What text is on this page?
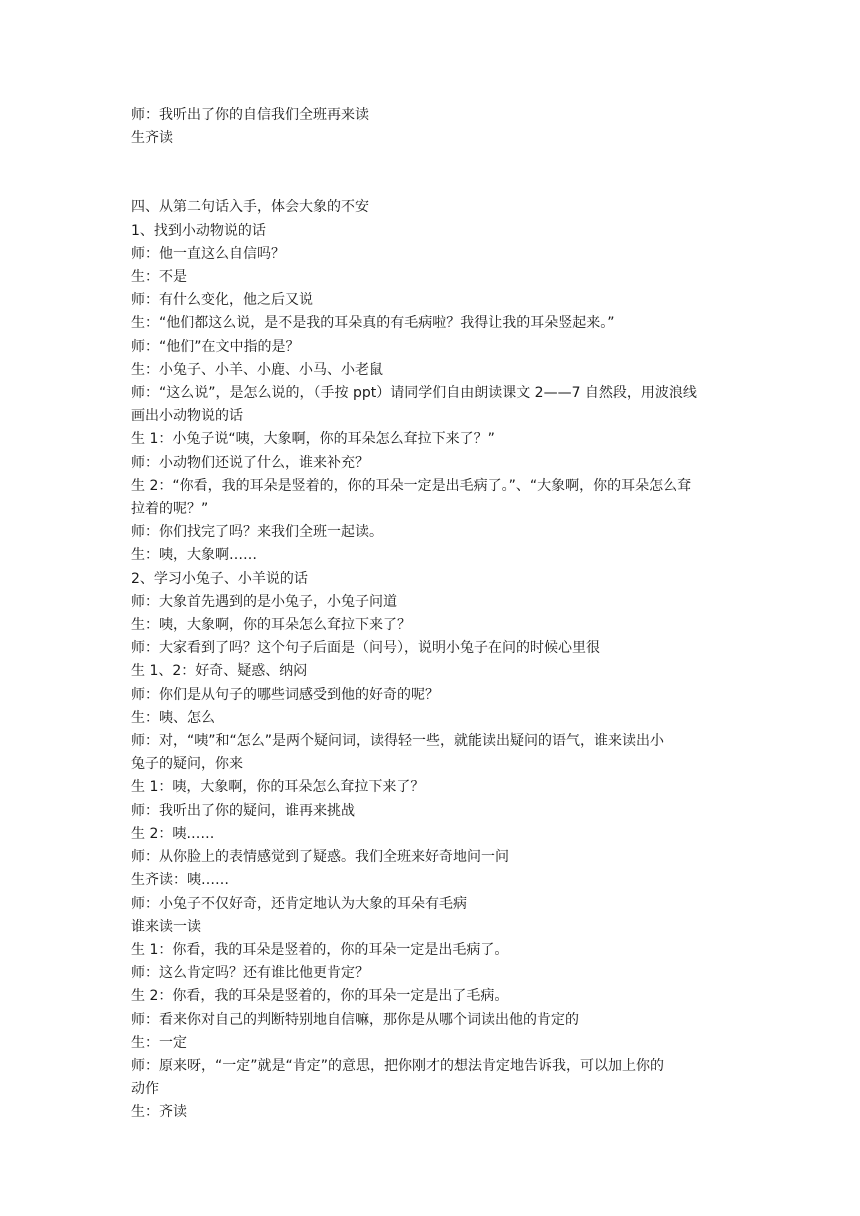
师：我听出了你的自信我们全班再来读

生齐读

四、从第二句话入手，体会大象的不安

1、找到小动物说的话

师：他一直这么自信吗？

生：不是

师：有什么变化，他之后又说

生：“他们都这么说，是不是我的耳朵真的有毛病啦？我得让我的耳朵竖起来。”

师：“他们”在文中指的是？

生：小兔子、小羊、小鹿、小马、小老鼠

师：“这么说”，是怎么说的，（手按 ppt）请同学们自由朗读课文 2——7 自然段，用波浪线

画出小动物说的话

生 1：小兔子说“咦，大象啊，你的耳朵怎么耷拉下来了？”

师：小动物们还说了什么，谁来补充？

生 2：“你看，我的耳朵是竖着的，你的耳朵一定是出毛病了。”、“大象啊，你的耳朵怎么耷

拉着的呢？”

师：你们找完了吗？来我们全班一起读。

生：咦，大象啊……

2、学习小兔子、小羊说的话

师：大象首先遇到的是小兔子，小兔子问道

生：咦，大象啊，你的耳朵怎么耷拉下来了？

师：大家看到了吗？这个句子后面是（问号），说明小兔子在问的时候心里很

生 1、2：好奇、疑惑、纳闷

师：你们是从句子的哪些词感受到他的好奇的呢？

生：咦、怎么

师：对，“咦”和“怎么”是两个疑问词，读得轻一些，就能读出疑问的语气，谁来读出小

兔子的疑问，你来

生 1：咦，大象啊，你的耳朵怎么耷拉下来了？

师：我听出了你的疑问，谁再来挑战

生 2：咦……

师：从你脸上的表情感觉到了疑惑。我们全班来好奇地问一问

生齐读：咦……

师：小兔子不仅好奇，还肯定地认为大象的耳朵有毛病

谁来读一读

生 1：你看，我的耳朵是竖着的，你的耳朵一定是出毛病了。

师：这么肯定吗？还有谁比他更肯定？

生 2：你看，我的耳朵是竖着的，你的耳朵一定是出了毛病。

师：看来你对自己的判断特别地自信嘛，那你是从哪个词读出他的肯定的

生：一定

师：原来呀，“一定”就是“肯定”的意思，把你刚才的想法肯定地告诉我，可以加上你的

动作

生：齐读
